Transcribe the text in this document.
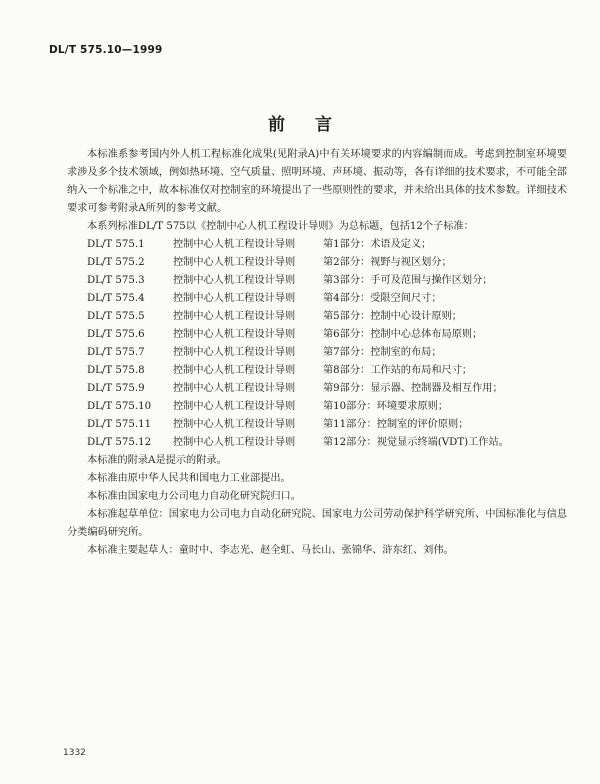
DL/T 575.10—1999
前言

本标准系参考国内外人机工程标准化成果(见附录A)中有关环境要求的内容编制而成。考虑到控制室环境要求涉及多个技术领域，例如热环境、空气质量、照明环境、声环境、振动等，各有详细的技术要求，不可能全部纳入一个标准之中，故本标准仅对控制室的环境提出了一些原则性的要求，并未给出具体的技术参数。详细技术要求可参考附录A所列的参考文献。

本系列标准DL/T 575以《控制中心人机工程设计导则》为总标题，包括12个子标准：

DL/T 575.1	控制中心人机工程设计导则	第1部分：术语及定义；
DL/T 575.2	控制中心人机工程设计导则	第2部分：视野与视区划分；
DL/T 575.3	控制中心人机工程设计导则	第3部分：手可及范围与操作区划分；
DL/T 575.4	控制中心人机工程设计导则	第4部分：受限空间尺寸；
DL/T 575.5	控制中心人机工程设计导则	第5部分：控制中心设计原则；
DL/T 575.6	控制中心人机工程设计导则	第6部分：控制中心总体布局原则；
DL/T 575.7	控制中心人机工程设计导则	第7部分：控制室的布局；
DL/T 575.8	控制中心人机工程设计导则	第8部分：工作站的布局和尺寸；
DL/T 575.9	控制中心人机工程设计导则	第9部分：显示器、控制器及相互作用；
DL/T 575.10	控制中心人机工程设计导则	第10部分：环境要求原则；
DL/T 575.11	控制中心人机工程设计导则	第11部分：控制室的评价原则；
DL/T 575.12	控制中心人机工程设计导则	第12部分：视觉显示终端(VDT)工作站。

本标准的附录A是提示的附录。

本标准由原中华人民共和国电力工业部提出。

本标准由国家电力公司电力自动化研究院归口。

本标准起草单位：国家电力公司电力自动化研究院、国家电力公司劳动保护科学研究所、中国标准化与信息分类编码研究所。

本标准主要起草人：童时中、李志光、赵全虹、马长山、张锦华、浒东红、刘伟。

1332
